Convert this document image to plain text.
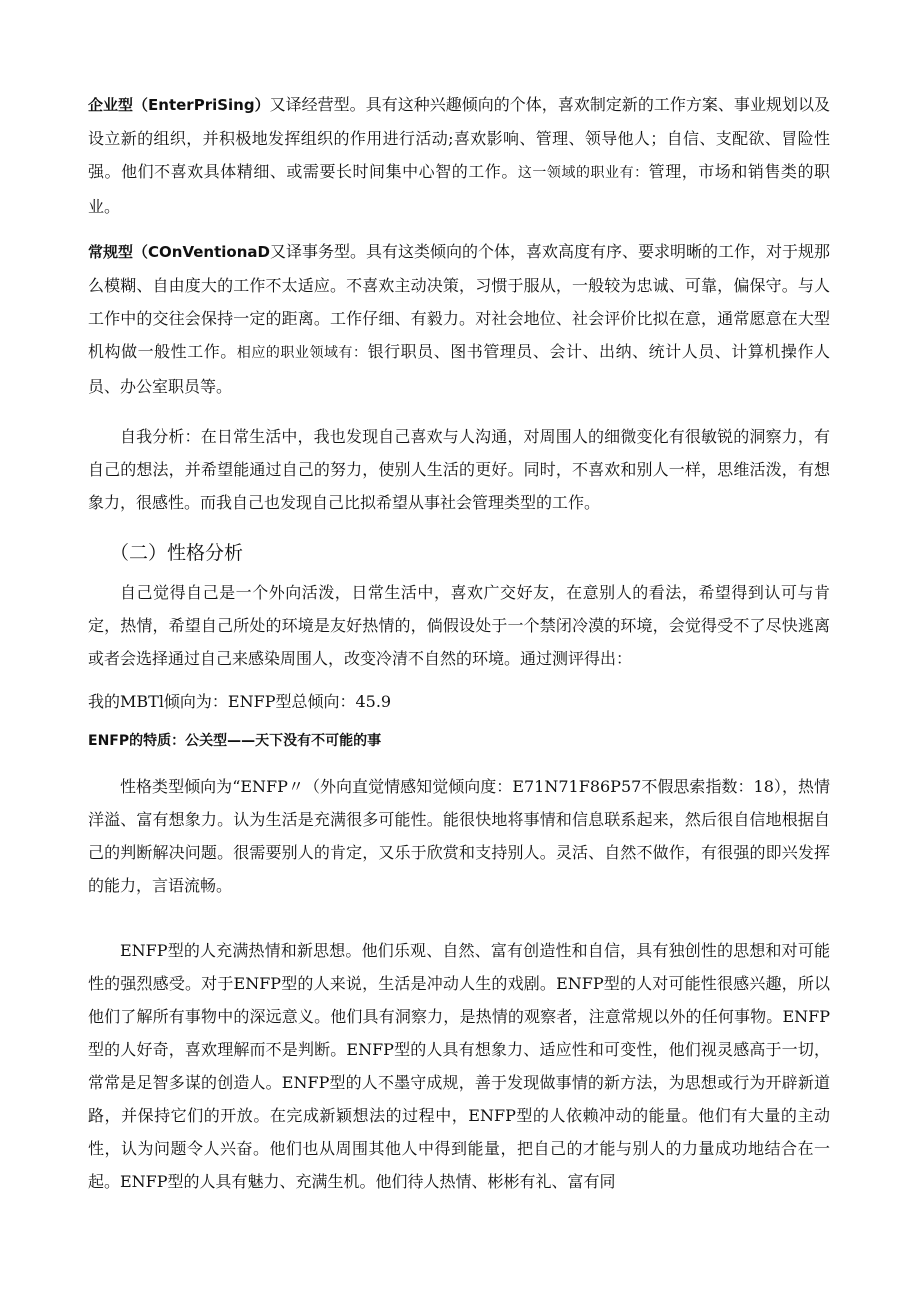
企业型（EnterPriSing）又译经营型。具有这种兴趣倾向的个体，喜欢制定新的工作方案、事业规划以及设立新的组织，并积极地发挥组织的作用进行活动;喜欢影响、管理、领导他人；自信、支配欲、冒险性强。他们不喜欢具体精细、或需要长时间集中心智的工作。这一领域的职业有：管理，市场和销售类的职业。

常规型（COnVentionaD又译事务型。具有这类倾向的个体，喜欢高度有序、要求明晰的工作，对于规那么模糊、自由度大的工作不太适应。不喜欢主动决策，习惯于服从，一般较为忠诚、可靠，偏保守。与人工作中的交往会保持一定的距离。工作仔细、有毅力。对社会地位、社会评价比拟在意，通常愿意在大型机构做一般性工作。相应的职业领域有：银行职员、图书管理员、会计、出纳、统计人员、计算机操作人员、办公室职员等。

自我分析：在日常生活中，我也发现自己喜欢与人沟通，对周围人的细微变化有很敏锐的洞察力，有自己的想法，并希望能通过自己的努力，使别人生活的更好。同时，不喜欢和别人一样，思维活泼，有想象力，很感性。而我自己也发现自己比拟希望从事社会管理类型的工作。

（二）性格分析

自己觉得自己是一个外向活泼，日常生活中，喜欢广交好友，在意别人的看法，希望得到认可与肯定，热情，希望自己所处的环境是友好热情的，倘假设处于一个禁闭冷漠的环境，会觉得受不了尽快逃离或者会选择通过自己来感染周围人，改变冷清不自然的环境。通过测评得出：

我的MBTl倾向为：ENFP型总倾向：45.9

ENFP的特质：公关型——天下没有不可能的事

性格类型倾向为“ENFP〃（外向直觉情感知觉倾向度：E71N71F86P57不假思索指数：18），热情洋溢、富有想象力。认为生活是充满很多可能性。能很快地将事情和信息联系起来，然后很自信地根据自己的判断解决问题。很需要别人的肯定，又乐于欣赏和支持别人。灵活、自然不做作，有很强的即兴发挥的能力，言语流畅。

ENFP型的人充满热情和新思想。他们乐观、自然、富有创造性和自信，具有独创性的思想和对可能性的强烈感受。对于ENFP型的人来说，生活是冲动人生的戏剧。ENFP型的人对可能性很感兴趣，所以他们了解所有事物中的深远意义。他们具有洞察力，是热情的观察者，注意常规以外的任何事物。ENFP型的人好奇，喜欢理解而不是判断。ENFP型的人具有想象力、适应性和可变性，他们视灵感高于一切，常常是足智多谋的创造人。ENFP型的人不墨守成规，善于发现做事情的新方法，为思想或行为开辟新道路，并保持它们的开放。在完成新颖想法的过程中，ENFP型的人依赖冲动的能量。他们有大量的主动性，认为问题令人兴奋。他们也从周围其他人中得到能量，把自己的才能与别人的力量成功地结合在一起。ENFP型的人具有魅力、充满生机。他们待人热情、彬彬有礼、富有同
